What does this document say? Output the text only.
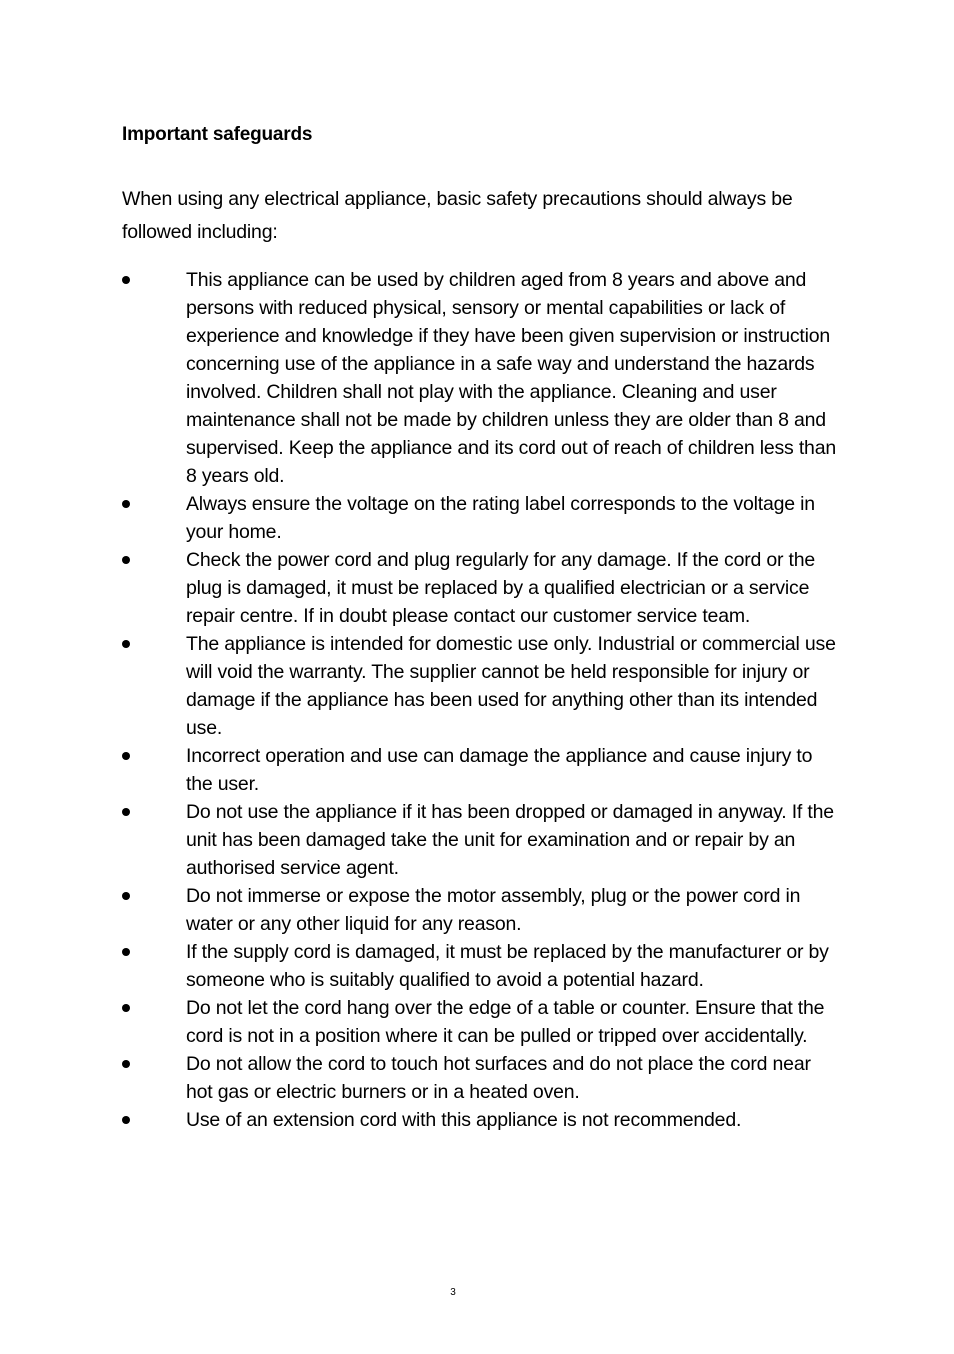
Important safeguards

When using any electrical appliance, basic safety precautions should always be followed including:

This appliance can be used by children aged from 8 years and above and persons with reduced physical, sensory or mental capabilities or lack of experience and knowledge if they have been given supervision or instruction concerning use of the appliance in a safe way and understand the hazards involved. Children shall not play with the appliance. Cleaning and user maintenance shall not be made by children unless they are older than 8 and supervised. Keep the appliance and its cord out of reach of children less than 8 years old.
Always ensure the voltage on the rating label corresponds to the voltage in your home.
Check the power cord and plug regularly for any damage. If the cord or the plug is damaged, it must be replaced by a qualified electrician or a service repair centre. If in doubt please contact our customer service team.
The appliance is intended for domestic use only. Industrial or commercial use will void the warranty. The supplier cannot be held responsible for injury or damage if the appliance has been used for anything other than its intended use.
Incorrect operation and use can damage the appliance and cause injury to the user.
Do not use the appliance if it has been dropped or damaged in anyway. If the unit has been damaged take the unit for examination and or repair by an authorised service agent.
Do not immerse or expose the motor assembly, plug or the power cord in water or any other liquid for any reason.
If the supply cord is damaged, it must be replaced by the manufacturer or by someone who is suitably qualified to avoid a potential hazard.
Do not let the cord hang over the edge of a table or counter. Ensure that the cord is not in a position where it can be pulled or tripped over accidentally.
Do not allow the cord to touch hot surfaces and do not place the cord near hot gas or electric burners or in a heated oven.
Use of an extension cord with this appliance is not recommended.
3
